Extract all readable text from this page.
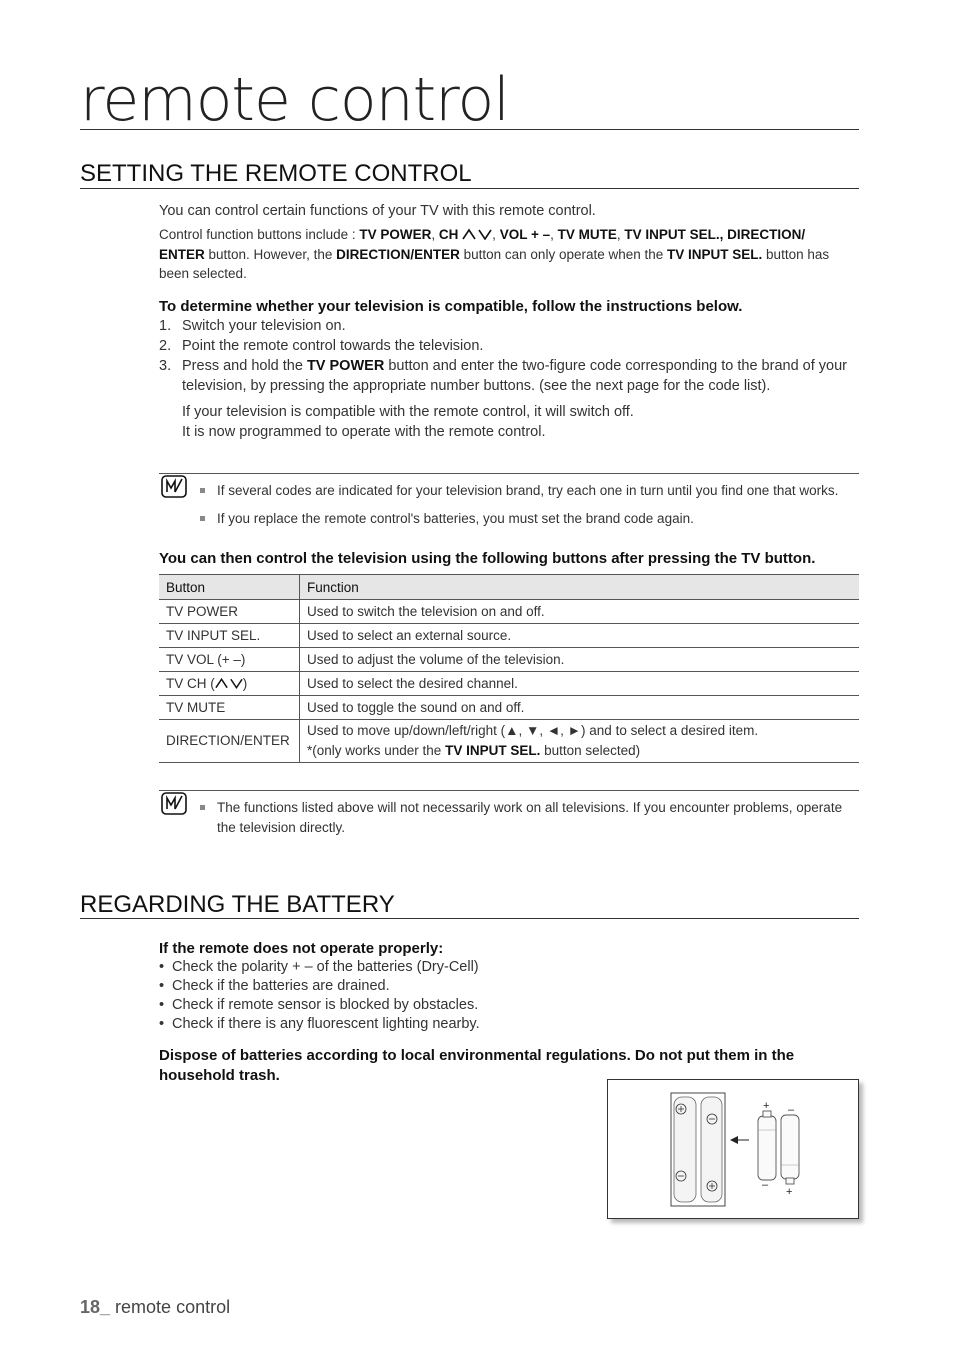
remote control
SETTING THE REMOTE CONTROL
You can control certain functions of your TV with this remote control.
Control function buttons include : TV POWER, CH	, VOL + –, TV MUTE, TV INPUT SEL., DIRECTION/
ENTER button. However, the DIRECTION/ENTER button can only operate when the TV INPUT SEL. button has
been selected.
To determine whether your television is compatible, follow the instructions below.
1. Switch your television on.
2. Point the remote control towards the television.
3. Press and hold the TV POWER button and enter the two-figure code corresponding to the brand of your television, by pressing the appropriate number buttons. (see the next page for the code list).
If your television is compatible with the remote control, it will switch off.
It is now programmed to operate with the remote control.
If several codes are indicated for your television brand, try each one in turn until you find one that works.
If you replace the remote control's batteries, you must set the brand code again.
You can then control the television using the following buttons after pressing the TV button.
Button	Function
TV POWER	Used to switch the television on and off.
TV INPUT SEL.	Used to select an external source.
TV VOL (+ –)	Used to adjust the volume of the television.
TV CH ( )	Used to select the desired channel.
TV MUTE	Used to toggle the sound on and off.
DIRECTION/ENTER	Used to move up/down/left/right (▲, ▼, ◄, ►) and to select a desired item.
*(only works under the TV INPUT SEL. button selected)
The functions listed above will not necessarily work on all televisions. If you encounter problems, operate the television directly.
REGARDING THE BATTERY
If the remote does not operate properly:
• Check the polarity + – of the batteries (Dry-Cell)
• Check if the batteries are drained.
• Check if remote sensor is blocked by obstacles.
• Check if there is any fluorescent lighting nearby.
Dispose of batteries according to local environmental regulations. Do not put them in the
household trash.
+ –
–
+
18_ remote control
